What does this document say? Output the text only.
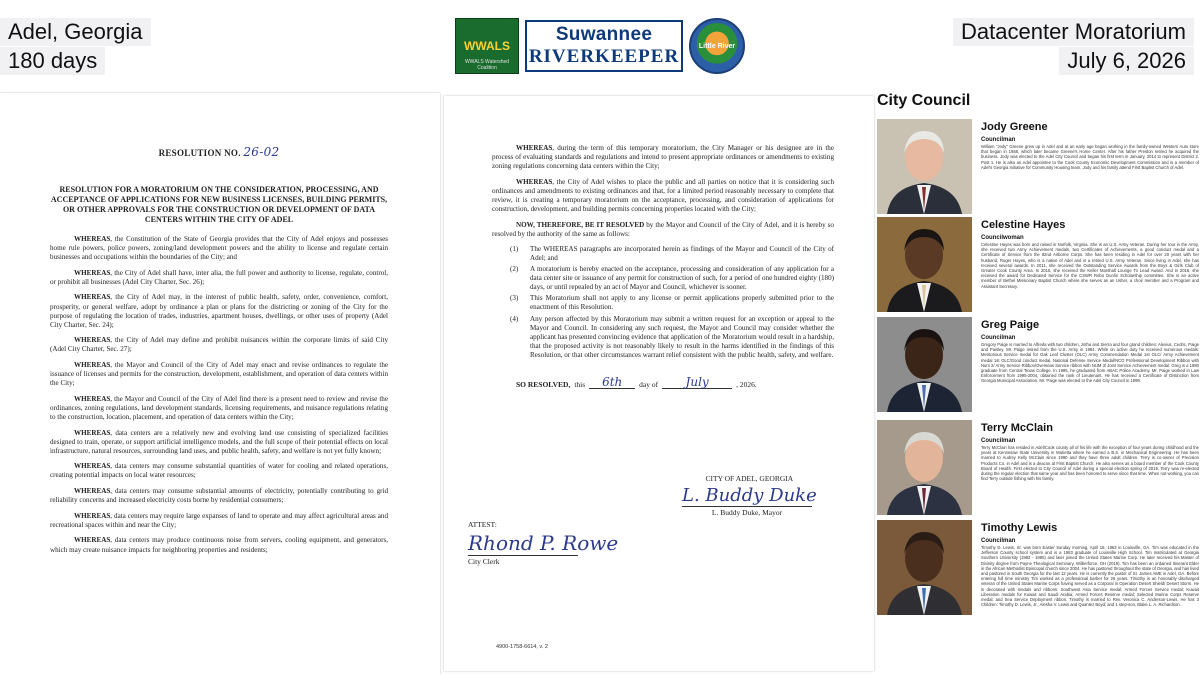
Adel, Georgia
180 days
Datacenter Moratorium
July 6, 2026
WWALS
WWALS Watershed Coalition
Suwannee
RIVERKEEPER	Little River
RESOLUTION NO. 26-02
RESOLUTION FOR A MORATORIUM ON THE CONSIDERATION, PROCESSING, AND ACCEPTANCE OF APPLICATIONS FOR NEW BUSINESS LICENSES, BUILDING PERMITS, OR OTHER APPROVALS FOR THE CONSTRUCTION OR DEVELOPMENT OF DATA CENTERS WITHIN THE CITY OF ADEL

WHEREAS, the Constitution of the State of Georgia provides that the City of Adel enjoys and possesses home rule powers, police powers, zoning/land development powers and the ability to license and regulate certain businesses and occupations within the boundaries of the City; and

WHEREAS, the City of Adel shall have, inter alia, the full power and authority to license, regulate, control, or prohibit all businesses (Adel City Charter, Sec. 26);

WHEREAS, the City of Adel may, in the interest of public health, safety, order, convenience, comfort, prosperity, or general welfare, adopt by ordinance a plan or plans for the districting or zoning of the City for the purpose of regulating the location of trades, industries, apartment houses, dwellings, or other uses of property (Adel City Charter, Sec. 24);

WHEREAS, the City of Adel may define and prohibit nuisances within the corporate limits of said City (Adel City Charter, Sec. 27);

WHEREAS, the Mayor and Council of the City of Adel may enact and revise ordinances to regulate the issuance of licenses and permits for the construction, development, establishment, and operation of data centers within the City;

WHEREAS, the Mayor and Council of the City of Adel find there is a present need to review and revise the ordinances, zoning regulations, land development standards, licensing requirements, and nuisance regulations relating to the construction, location, placement, and operation of data centers within the City;

WHEREAS, data centers are a relatively new and evolving land use consisting of specialized facilities designed to train, operate, or support artificial intelligence models, and the full scope of their potential effects on local infrastructure, natural resources, surrounding land uses, and public health, safety, and welfare is not yet fully known;

WHEREAS, data centers may consume substantial quantities of water for cooling and related operations, creating potential impacts on local water resources;

WHEREAS, data centers may consume substantial amounts of electricity, potentially contributing to grid reliability concerns and increased electricity costs borne by residential consumers;

WHEREAS, data centers may require large expanses of land to operate and may affect agricultural areas and recreational spaces within and near the City;

WHEREAS, data centers may produce continuous noise from servers, cooling equipment, and generators, which may create nuisance impacts for neighboring properties and residents;

WHEREAS, during the term of this temporary moratorium, the City Manager or his designee are in the process of evaluating standards and regulations and intend to present appropriate ordinances or amendments to existing zoning regulations concerning data centers within the City;

WHEREAS, the City of Adel wishes to place the public and all parties on notice that it is considering such ordinances and amendments to existing ordinances and that, for a limited period reasonably necessary to complete that review, it is creating a temporary moratorium on the acceptance, processing, and consideration of applications for construction, development, and building permits concerning properties located with the City;

NOW, THEREFORE, BE IT RESOLVED by the Mayor and Council of the City of Adel, and it is hereby so resolved by the authority of the same as follows:

(1)	The WHEREAS paragraphs are incorporated herein as findings of the Mayor and Council of the City of Adel; and
(2)	A moratorium is hereby enacted on the acceptance, processing and consideration of any application for a data center site or issuance of any permit for construction of such, for a period of one hundred eighty (180) days, or until repealed by an act of Mayor and Council, whichever is sooner.
(3)	This Moratorium shall not apply to any license or permit applications properly submitted prior to the enactment of this Resolution.
(4)	Any person affected by this Moratorium may submit a written request for an exception or appeal to the Mayor and Council. In considering any such request, the Mayor and Council may consider whether the applicant has presented convincing evidence that application of the Moratorium would result in a hardship, that the proposed activity is not reasonably likely to result in the harms identified in the findings of this Resolution, or that other circumstances warrant relief consistent with the public health, safety, and welfare.
SO RESOLVED, this	6th	day of	July	, 2026.
CITY OF ADEL, GEORGIA
L. Buddy Duke
L. Buddy Duke, Mayor
ATTEST:
Rhond P. Rowe
City Clerk
4900-1758-6614, v. 2
City Council
Jody Greene
Councilman
William "Jody" Greene grew up in Adel and at an early age began working in the family-owned Western Auto store that began in 1958, which later became Greene's Home Center. After his father Preston retired he acquired the business. Jody was elected to the Adel City Council and began his first term in January, 2014 to represent District 2. Post 1. He is also an Adel appointee to the Cook County Economic Development Commission and is a member of Adel's Georgia Initiative for Community Housing team. Jody and his family attend First Baptist Church of Adel.
Celestine Hayes
Councilwoman
Celestine Hayes was born and raised in Norfolk, Virginia. She is an U.S. Army Veteran. During her tour in the Army, she received two Army Achievement medals, two Certificates of Achievements, a good conduct medal and a Certificate of Service from the 82nd Airborne Corps. She has been residing in Adel for over 20 years with her husband, Roger Hayes, who is a native of Adel and is a retired U.S. Army Veteran. Since living in Adel, she has received several awards. In 2011, she received the Outstanding Service Awards from the Boys & Girls Club of Greater Cook County Area. In 2015, she received the Keller Marshall Lounge To Lead Award. And in 2016, she received the award for Dedicated Service for the CSWR Rebo Dunlin Scholarship committee. She is an active member of Bethel Missionary Baptist Church where she serves as an Usher, a choir member and a Program and Assistant Secretary.
Greg Paige
Councilman
Gregory Paige is married to Alfreda with two children, Jotha and Sierra and four grand children: Alexius, Cedric, Paige and Paisley. Mr. Paige retired from the U.S. Army in 1994. While on active duty he received numerous medals: Meritorious Service medal for Oak Leaf Cluster (OLC) Army Commendation Medal 1st OLC/ Army Achievement medal 1st OLC/Good conduct medal. National Defense Service Medal/NCO Professional Development Ribbon with Num 2/ Army Service Ribbon/Overseas Service ribbon with NUM 3/ Joint Service Achievement medal. Greg is a 1980 graduate from Central Texas College. In 1995, he graduated from ABAC Police Academy. Mr. Paige worked in Law Enforcement from 1995-2004, obtained the rank of Lieutenant. He has received a Certificate of Distinction from Georgia Municipal Association. Mr. Paige was elected to the Adel City Council in 1999.
Terry McClain
Councilman
Terry McClain has resided in Adel/Cook county all of his life with the exception of four years during childhood and the years at Kennesaw State University in Marietta where he earned a B.S. in Mechanical Engineering. He has been married to Audrey Kelly McClain since 1990 and they have three adult children. Terry is co-owner of Precision Products Co. in Adel and is a deacon at First Baptist Church. He also serves as a board member of the Cook County Board of Health. First elected to City Council of Adel during a special election spring of 2019. Terry was re-elected during the regular election that same year and has been honored to serve since that time. When not working, you can find Terry outside fishing with his family.
Timothy Lewis
Councilman
Timothy D. Lewis, Sr. was born Easter Sunday morning, April 18, 1963 in Louisville, GA. Tim was educated in the Jefferson County school system and is a 1983 graduate of Louisville High School. Tim matriculated at Georgia Southern University (1983 - 1985) and later joined the United States Marine Corp. He later received his Master of Divinity degree from Payne Theological Seminary, Wilberforce, OH (2019). Tim has been an ordained Itinerant Elder in the African Methodist Episcopal church since 2004. He has pastored throughout the state of Georgia, and has lived and pastored in South Georgia for the last 12 years. He is currently the pastor of St. James AME in Adel, GA. Before entering full time ministry Tim worked as a professional barber for 26 years. Timothy is an honorably discharged veteran of the United States Marine Corps having served as a Corporal in Operation Desert Shield/ Desert Storm. He is decorated with medals and ribbons: Southwest Asia Service medal; Armed Forces Service medal; Kuwait Liberation medals for Kuwait and Saudi Arabia; Armed Forces Reserve medal; Selected Marine Corps Reserve medal; and Sea Service Deployment ribbon. Timothy is married to Rev. Veronica C. Anderson-Lewis. He has 3 Children: Timothy D. Lewis, Jr., Alesha V. Lewis and Quantez Boyd; and 1 step-son, Blake L. A. Richardson.
